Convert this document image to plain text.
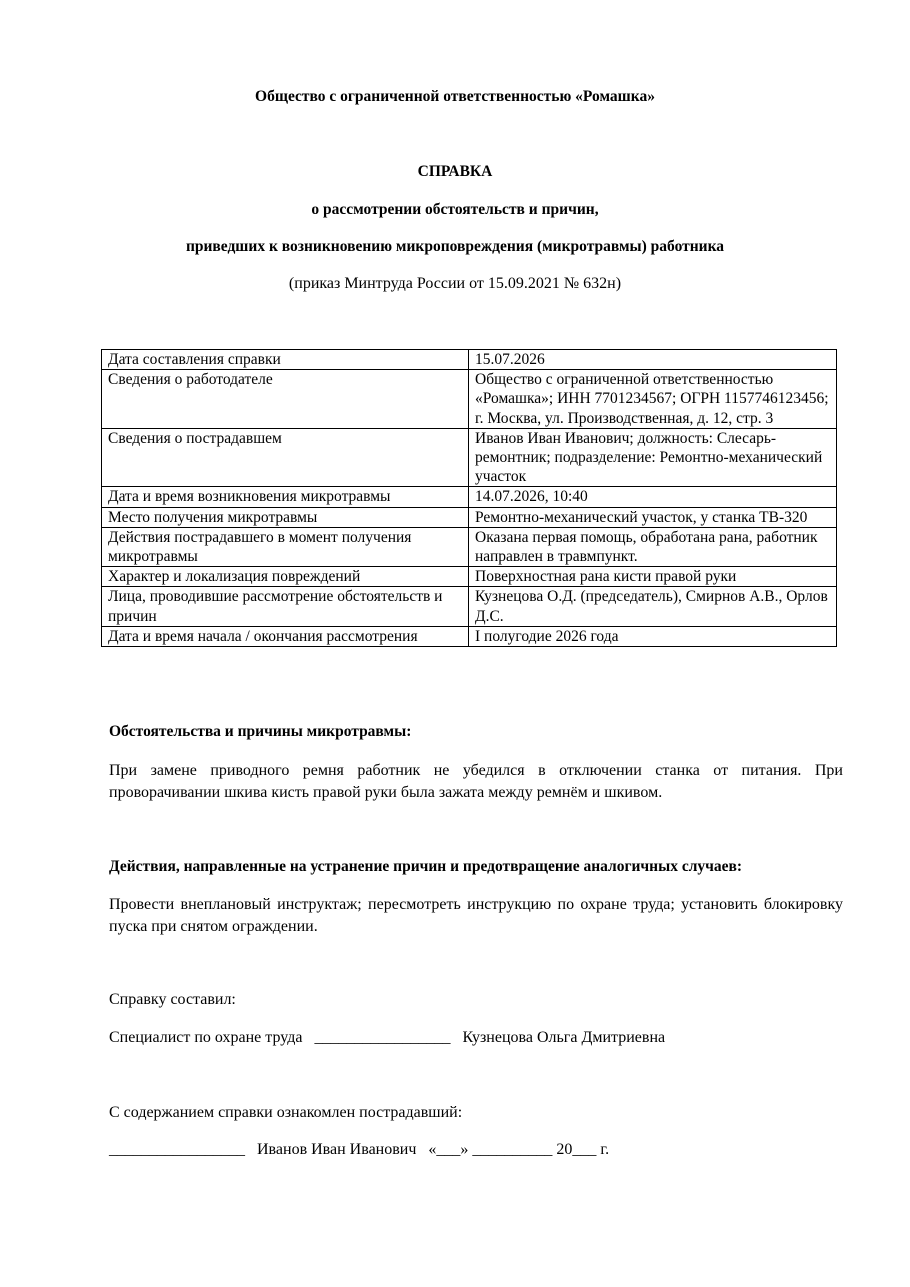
Общество с ограниченной ответственностью «Ромашка»
СПРАВКА
о рассмотрении обстоятельств и причин,
приведших к возникновению микроповреждения (микротравмы) работника
(приказ Минтруда России от 15.09.2021 № 632н)
Дата составления справки	15.07.2026
Сведения о работодателе	Общество с ограниченной ответственностью «Ромашка»; ИНН 7701234567; ОГРН 1157746123456; г. Москва, ул. Производственная, д. 12, стр. 3
Сведения о пострадавшем	Иванов Иван Иванович; должность: Слесарь-ремонтник; подразделение: Ремонтно-механический участок
Дата и время возникновения микротравмы	14.07.2026, 10:40
Место получения микротравмы	Ремонтно-механический участок, у станка ТВ-320
Действия пострадавшего в момент получения микротравмы	Оказана первая помощь, обработана рана, работник направлен в травмпункт.
Характер и локализация повреждений	Поверхностная рана кисти правой руки
Лица, проводившие рассмотрение обстоятельств и причин	Кузнецова О.Д. (председатель), Смирнов А.В., Орлов Д.С.
Дата и время начала / окончания рассмотрения	I полугодие 2026 года
Обстоятельства и причины микротравмы:
При замене приводного ремня работник не убедился в отключении станка от питания. При проворачивании шкива кисть правой руки была зажата между ремнём и шкивом.
Действия, направленные на устранение причин и предотвращение аналогичных случаев:
Провести внеплановый инструктаж; пересмотреть инструкцию по охране труда; установить блокировку пуска при снятом ограждении.
Справку составил:
Специалист по охране труда   _________________   Кузнецова Ольга Дмитриевна
С содержанием справки ознакомлен пострадавший:
_________________   Иванов Иван Иванович   «___» __________ 20___ г.
